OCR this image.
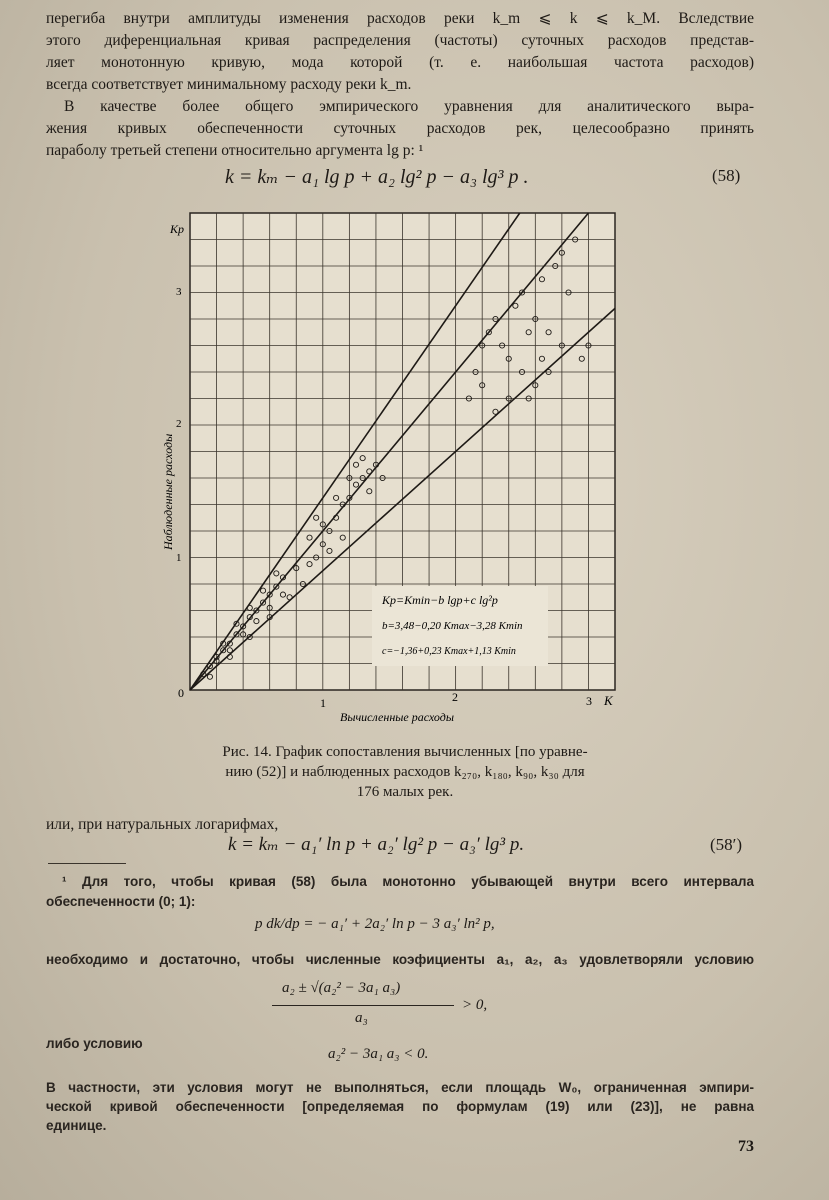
перегиба внутри амплитуды изменения расходов реки k_m ⩽ k ⩽ k_M. Вследствие
этого диференциальная кривая распределения (частоты) суточных расходов представ-
ляет монотонную кривую, мода которой (т. е. наибольшая частота расходов)
всегда соответствует минимальному расходу реки k_m.
В качестве более общего эмпирического уравнения для аналитического выра-
жения кривых обеспеченности суточных расходов рек, целесообразно принять
параболу третьей степени относительно аргумента lg p: ¹
k = kₘ − a₁ lg p + a₂ lg² p − a₃ lg³ p .	(58)
Kp=Kmin−b lgp+c lg²p
b=3,48−0,20 Kmax−3,28 Kmin
c=−1,36+0,23 Kmax+1,13 Kmin
Kp
K
0
1	2	3
1
2
3
Вычисленные расходы
Наблюденные расходы
Рис. 14. График сопоставления вычисленных [по уравне-
нию (52)] и наблюденных расходов k₂₇₀, k₁₈₀, k₉₀, k₃₀ для
176 малых рек.
или, при натуральных логарифмах,
k = kₘ − a₁′ ln p + a₂′ lg² p − a₃′ lg³ p.	(58′)
¹ Для того, чтобы кривая (58) была монотонно убывающей внутри всего интервала
обеспеченности (0; 1):
p dk/dp = − a₁′ + 2a₂′ ln p − 3 a₃′ ln² p,
необходимо и достаточно, чтобы численные коэфициенты a₁, a₂, a₃ удовлетворяли условию
a₂ ± √(a₂² − 3a₁ a₃)
a₃
> 0,
либо условию
a₂² − 3a₁ a₃ < 0.
В частности, эти условия могут не выполняться, если площадь W₀, ограниченная эмпири-
ческой кривой обеспеченности [определяемая по формулам (19) или (23)], не равна
единице.
73
